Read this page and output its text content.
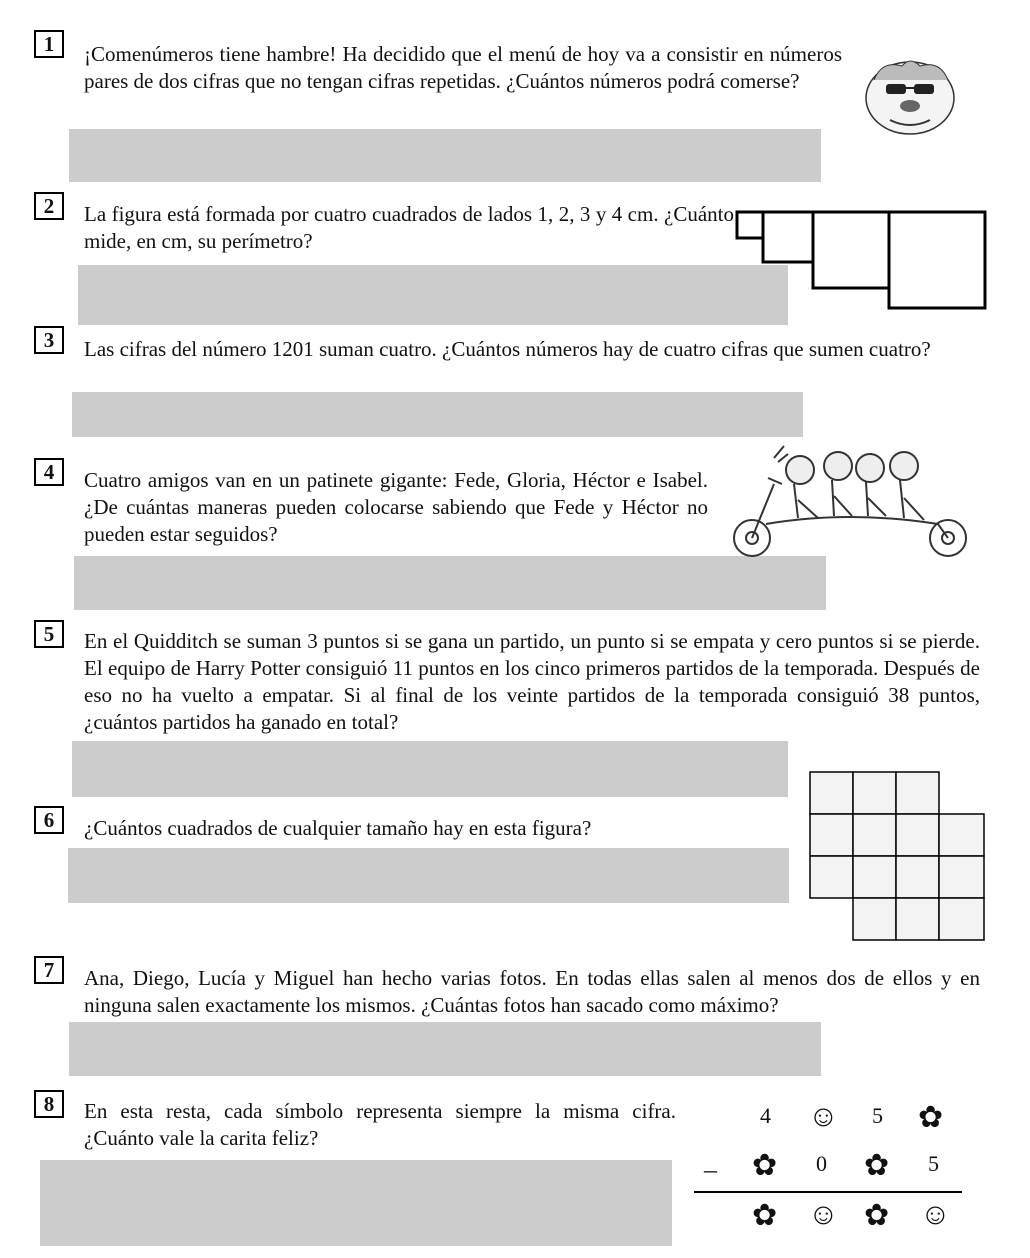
1	¡Comenúmeros tiene hambre! Ha decidido que el menú de hoy va a consistir en números pares de dos cifras que no tengan cifras repetidas. ¿Cuántos números podrá comerse?
2	La figura está formada por cuatro cuadrados de lados 1, 2, 3 y 4 cm. ¿Cuánto mide, en cm, su perímetro?
3	Las cifras del número 1201 suman cuatro. ¿Cuántos números hay de cuatro cifras que sumen cuatro?
4	Cuatro amigos van en un patinete gigante: Fede, Gloria, Héctor e Isabel. ¿De cuántas maneras pueden colocarse sabiendo que Fede y Héctor no pueden estar seguidos?
5	En el Quidditch se suman 3 puntos si se gana un partido, un punto si se empata y cero puntos si se pierde. El equipo de Harry Potter consiguió 11 puntos en los cinco primeros partidos de la temporada. Después de eso no ha vuelto a empatar. Si al final de los veinte partidos de la temporada consiguió 38 puntos, ¿cuántos partidos ha ganado en total?
6	¿Cuántos cuadrados de cualquier tamaño hay en esta figura?
7	Ana, Diego, Lucía y Miguel han hecho varias fotos. En todas ellas salen al menos dos de ellos y en ninguna salen exactamente los mismos. ¿Cuántas fotos han sacado como máximo?
8	En esta resta, cada símbolo representa siempre la misma cifra. ¿Cuánto vale la carita feliz?
4 ☺ 5 ✿
_ ✿ 0 ✿ 5
✿ ☺ ✿ ☺
